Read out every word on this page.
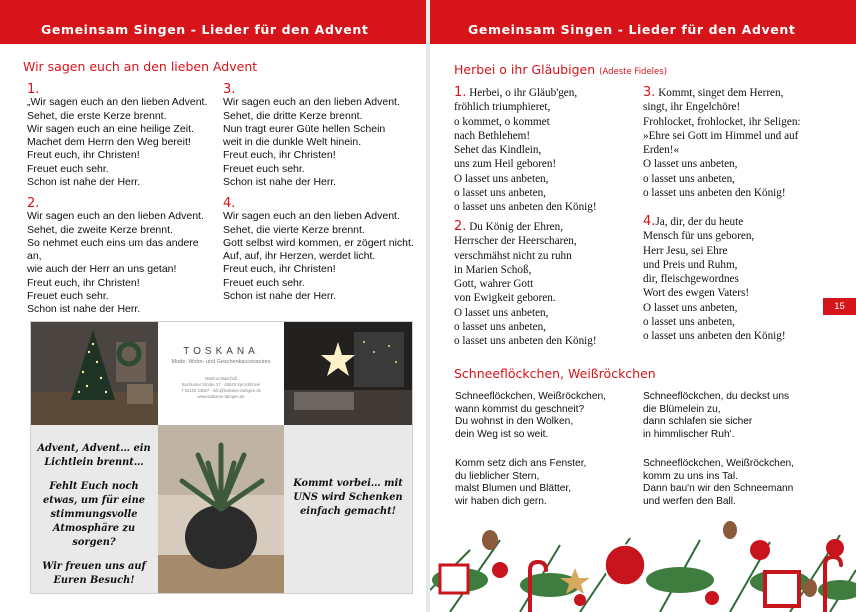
Gemeinsam Singen - Lieder für den Advent
Wir sagen euch an den lieben Advent
1.
„Wir sagen euch an den lieben Advent.
Sehet, die erste Kerze brennt.
Wir sagen euch an eine heilige Zeit.
Machet dem Herrn den Weg bereit!
Freut euch, ihr Christen!
Freuet euch sehr.
Schon ist nahe der Herr.
3.
Wir sagen euch an den lieben Advent.
Sehet, die dritte Kerze brennt.
Nun tragt eurer Güte hellen Schein
weit in die dunkle Welt hinein.
Freut euch, ihr Christen!
Freuet euch sehr.
Schon ist nahe der Herr.
2.
Wir sagen euch an den lieben Advent.
Sehet, die zweite Kerze brennt.
So nehmet euch eins um das andere an,
wie auch der Herr an uns getan!
Freut euch, ihr Christen!
Freuet euch sehr.
Schon ist nahe der Herr.
4.
Wir sagen euch an den lieben Advent.
Sehet, die vierte Kerze brennt.
Gott selbst wird kommen, er zögert nicht.
Auf, auf, ihr Herzen, werdet licht.
Freut euch, ihr Christen!
Freuet euch sehr.
Schon ist nahe der Herr.
TOSKANA
Mode, Wohn- und Geschenkaccessoires
Martina Waschull
Bochumer Straße 17 · 45549 Sprockhövel
T 02102 23687 · info@toskana-ratingen.de
www.toskana-ratingen.de
Advent, Advent… ein Lichtlein brennt…
Fehlt Euch noch etwas, um für eine stimmungsvolle Atmosphäre zu sorgen?
Wir freuen uns auf Euren Besuch!
Kommt vorbei… mit UNS wird Schenken einfach gemacht!
Gemeinsam Singen - Lieder für den Advent
Herbei o ihr Gläubigen (Adeste Fideles)
1. Herbei, o ihr Gläub'gen,
fröhlich triumphieret,
o kommet, o kommet
nach Bethlehem!
Sehet das Kindlein,
uns zum Heil geboren!
O lasset uns anbeten,
o lasset uns anbeten,
o lasset uns anbeten den König!
2. Du König der Ehren,
Herrscher der Heerscharen,
verschmähst nicht zu ruhn
in Marien Schoß,
Gott, wahrer Gott
von Ewigkeit geboren.
O lasset uns anbeten,
o lasset uns anbeten,
o lasset uns anbeten den König!
3. Kommt, singet dem Herren,
singt, ihr Engelchöre!
Frohlocket, frohlocket, ihr Seligen:
»Ehre sei Gott im Himmel und auf Erden!«
O lasset uns anbeten,
o lasset uns anbeten,
o lasset uns anbeten den König!
4.Ja, dir, der du heute
Mensch für uns geboren,
Herr Jesu, sei Ehre
und Preis und Ruhm,
dir, fleischgewordnes
Wort des ewgen Vaters!
O lasset uns anbeten,
o lasset uns anbeten,
o lasset uns anbeten den König!
15
Schneeflöckchen, Weißröckchen
Schneeflöckchen, Weißröckchen,
wann kommst du geschneit?
Du wohnst in den Wolken,
dein Weg ist so weit.
Schneeflöckchen, du deckst uns
die Blümelein zu,
dann schlafen sie sicher
in himmlischer Ruh'.
Komm setz dich ans Fenster,
du lieblicher Stern,
malst Blumen und Blätter,
wir haben dich gern.
Schneeflöckchen, Weißröckchen,
komm zu uns ins Tal.
Dann bau'n wir den Schneemann
und werfen den Ball.
